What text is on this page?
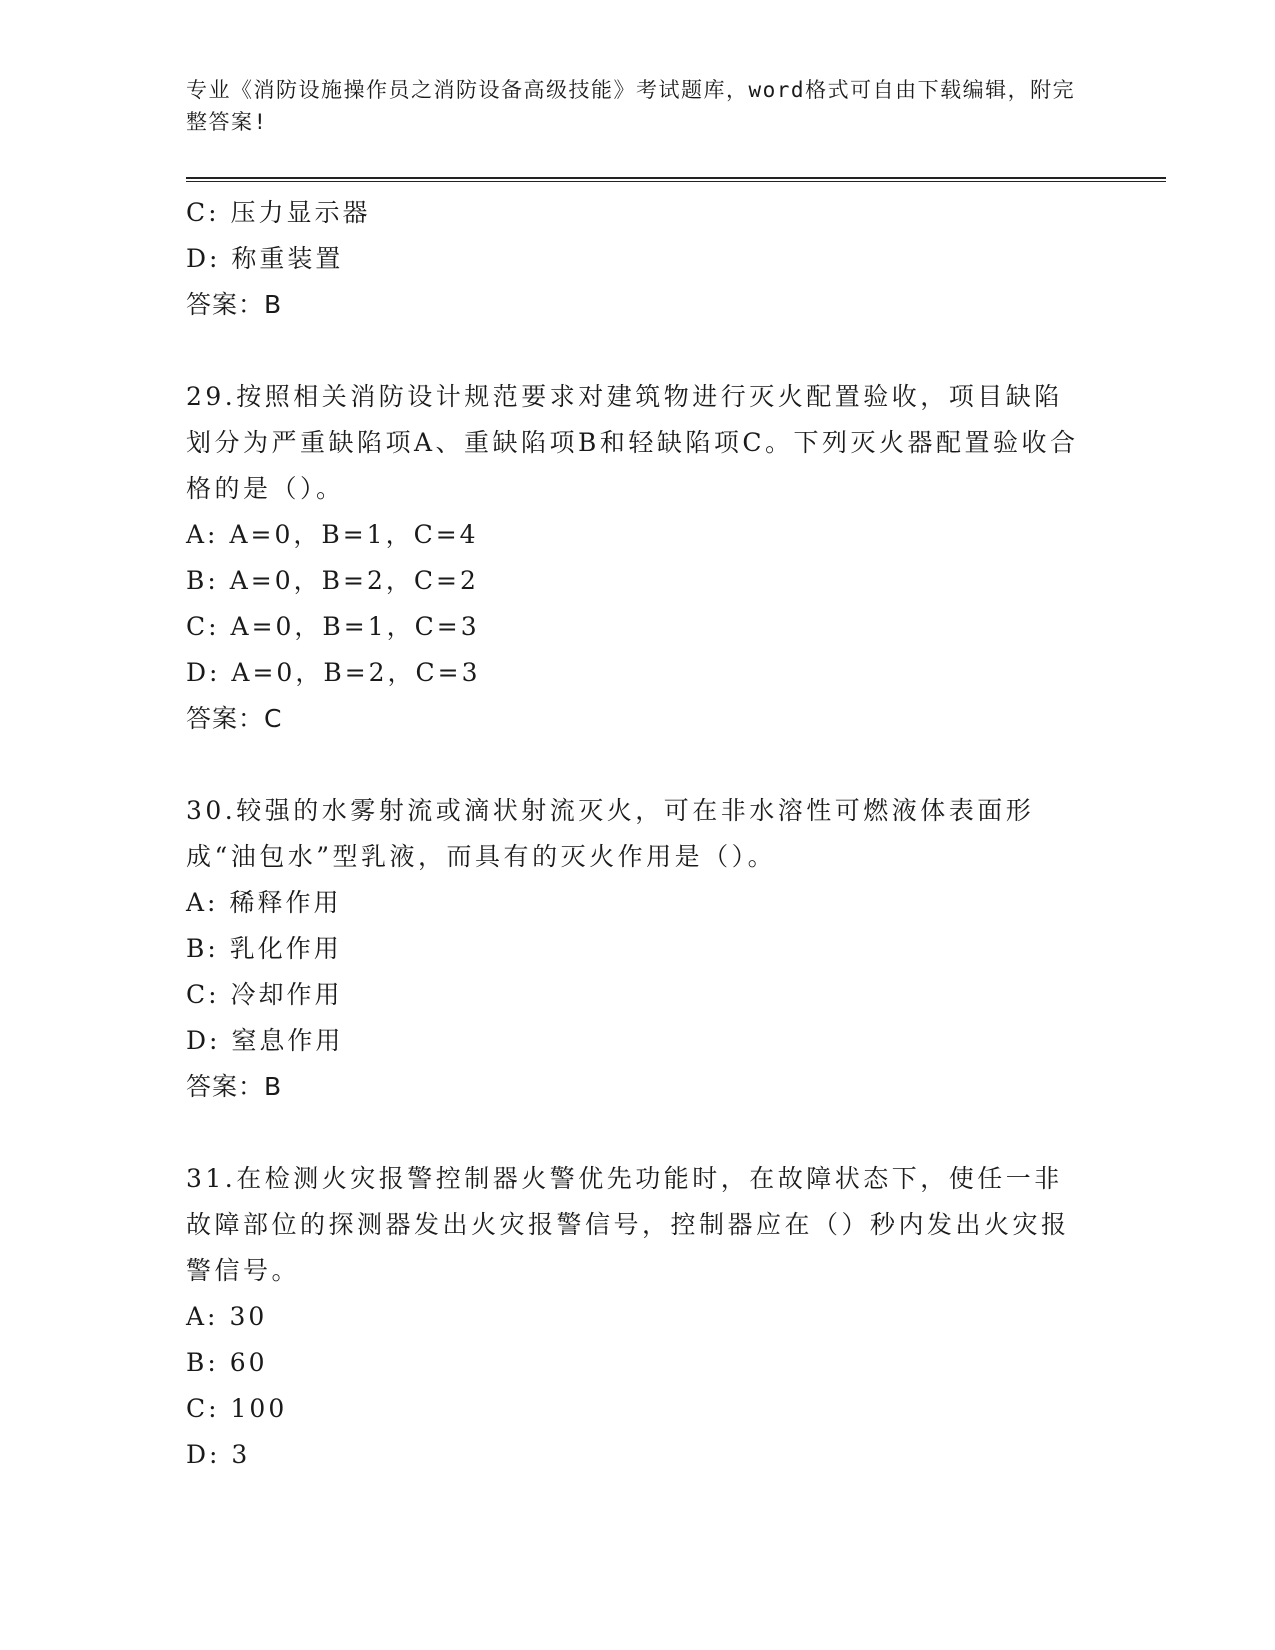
专业《消防设施操作员之消防设备高级技能》考试题库，word格式可自由下载编辑，附完整答案!
C: 压力显示器
D: 称重装置
答案：B
29.按照相关消防设计规范要求对建筑物进行灭火配置验收，项目缺陷划分为严重缺陷项A、重缺陷项B和轻缺陷项C。下列灭火器配置验收合格的是（）。
A: A=0，B=1，C=4
B: A=0，B=2，C=2
C: A=0，B=1，C=3
D: A=0，B=2，C=3
答案：C
30.较强的水雾射流或滴状射流灭火，可在非水溶性可燃液体表面形成“油包水”型乳液，而具有的灭火作用是（）。
A: 稀释作用
B: 乳化作用
C: 冷却作用
D: 窒息作用
答案：B
31.在检测火灾报警控制器火警优先功能时，在故障状态下，使任一非故障部位的探测器发出火灾报警信号，控制器应在（）秒内发出火灾报警信号。
A: 30
B: 60
C: 100
D: 3
